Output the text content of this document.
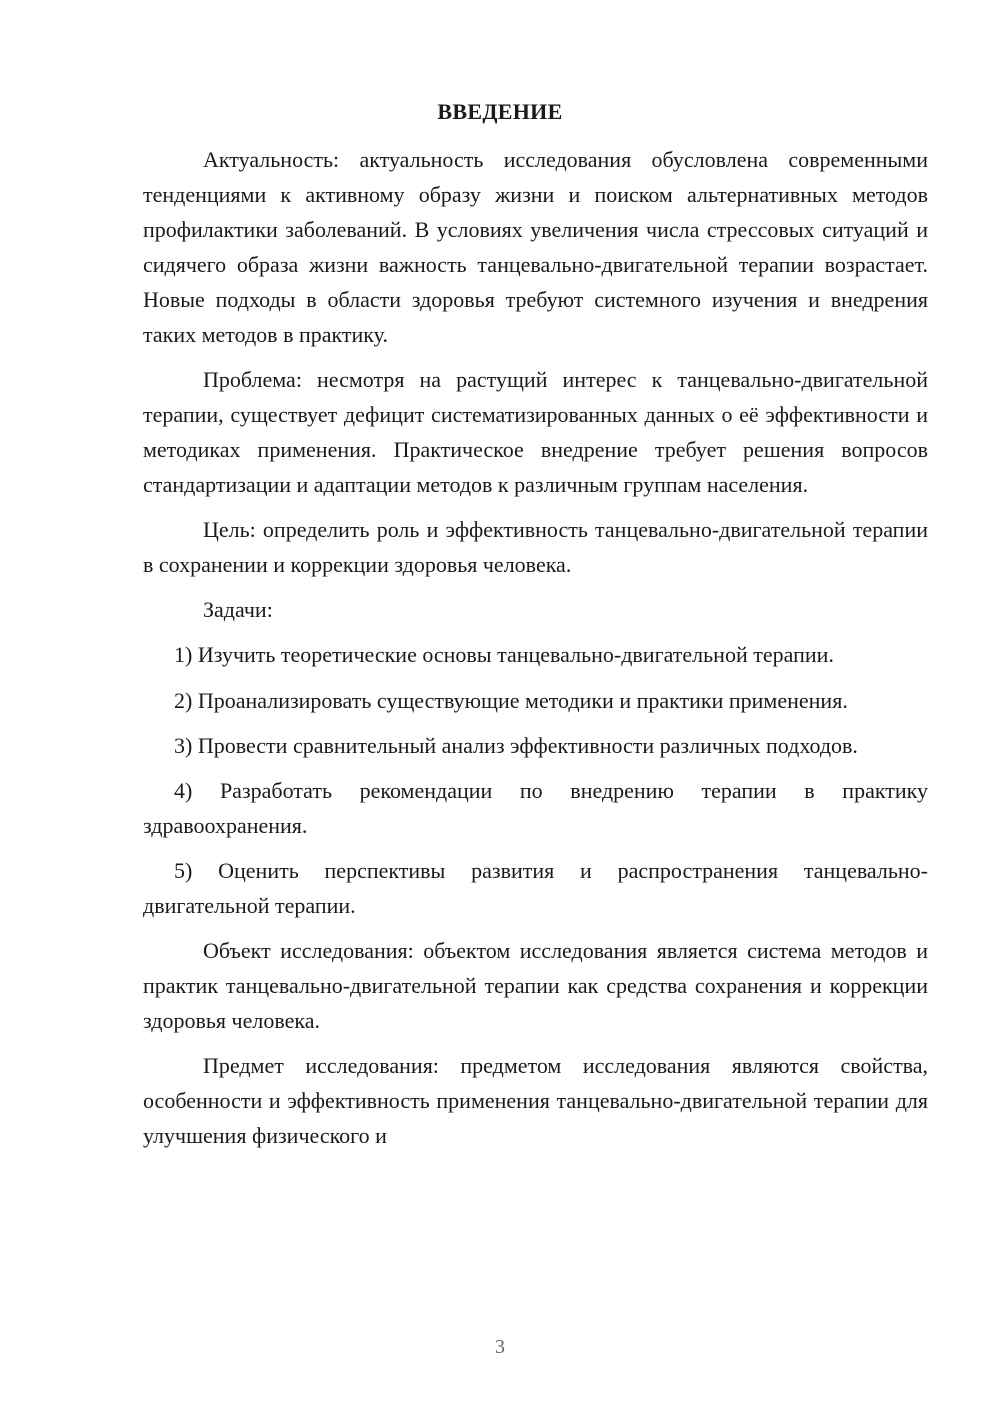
ВВЕДЕНИЕ

Актуальность: актуальность исследования обусловлена современными тенденциями к активному образу жизни и поиском альтернативных методов профилактики заболеваний. В условиях увеличения числа стрессовых ситуаций и сидячего образа жизни важность танцевально-двигательной терапии возрастает. Новые подходы в области здоровья требуют системного изучения и внедрения таких методов в практику.

Проблема: несмотря на растущий интерес к танцевально-двигательной терапии, существует дефицит систематизированных данных о её эффективности и методиках применения. Практическое внедрение требует решения вопросов стандартизации и адаптации методов к различным группам населения.

Цель: определить роль и эффективность танцевально-двигательной терапии в сохранении и коррекции здоровья человека.

Задачи:

1) Изучить теоретические основы танцевально-двигательной терапии.

2) Проанализировать существующие методики и практики применения.

3) Провести сравнительный анализ эффективности различных подходов.

4) Разработать рекомендации по внедрению терапии в практику здравоохранения.

5) Оценить перспективы развития и распространения танцевально-двигательной терапии.

Объект исследования: объектом исследования является система методов и практик танцевально-двигательной терапии как средства сохранения и коррекции здоровья человека.

Предмет исследования: предметом исследования являются свойства, особенности и эффективность применения танцевально-двигательной терапии для улучшения физического и

3
